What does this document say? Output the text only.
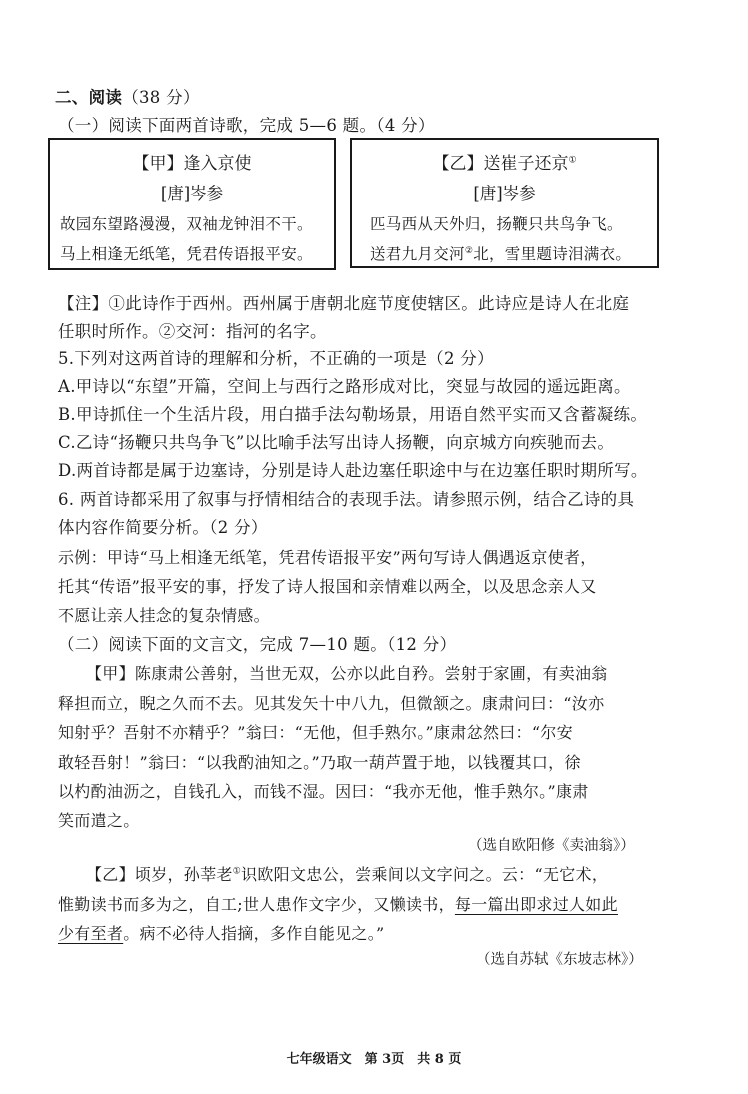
二、阅读（38 分）
（一）阅读下面两首诗歌，完成 5—6 题。（4 分）
【甲】逢入京使
[唐]岑参
故园东望路漫漫，双袖龙钟泪不干。
马上相逢无纸笔，凭君传语报平安。
【乙】送崔子还京①
[唐]岑参
匹马西从天外归，扬鞭只共鸟争飞。
送君九月交河②北，雪里题诗泪满衣。
【注】①此诗作于西州。西州属于唐朝北庭节度使辖区。此诗应是诗人在北庭
任职时所作。②交河：指河的名字。
5.下列对这两首诗的理解和分析，不正确的一项是（2 分）
A.甲诗以“东望”开篇，空间上与西行之路形成对比，突显与故园的遥远距离。
B.甲诗抓住一个生活片段，用白描手法勾勒场景，用语自然平实而又含蓄凝练。
C.乙诗“扬鞭只共鸟争飞”以比喻手法写出诗人扬鞭，向京城方向疾驰而去。
D.两首诗都是属于边塞诗，分别是诗人赴边塞任职途中与在边塞任职时期所写。
6. 两首诗都采用了叙事与抒情相结合的表现手法。请参照示例，结合乙诗的具
体内容作简要分析。（2 分）
示例：甲诗“马上相逢无纸笔，凭君传语报平安”两句写诗人偶遇返京使者，
托其“传语”报平安的事，抒发了诗人报国和亲情难以两全，以及思念亲人又
不愿让亲人挂念的复杂情感。
（二）阅读下面的文言文，完成 7—10 题。（12 分）
【甲】陈康肃公善射，当世无双，公亦以此自矜。尝射于家圃，有卖油翁
释担而立，睨之久而不去。见其发矢十中八九，但微颔之。康肃问曰：“汝亦
知射乎？吾射不亦精乎？”翁曰：“无他，但手熟尔。”康肃忿然曰：“尔安
敢轻吾射！”翁曰：“以我酌油知之。”乃取一葫芦置于地，以钱覆其口，徐
以杓酌油沥之，自钱孔入，而钱不湿。因曰：“我亦无他，惟手熟尔。”康肃
笑而遣之。
（选自欧阳修《卖油翁》）
【乙】顷岁，孙莘老①识欧阳文忠公，尝乘间以文字问之。云：“无它术，
惟勤读书而多为之，自工;世人患作文字少，又懒读书，每一篇出即求过人如此
少有至者。病不必待人指摘，多作自能见之。”
（选自苏轼《东坡志林》）
七年级语文　第 3页　共 8 页
